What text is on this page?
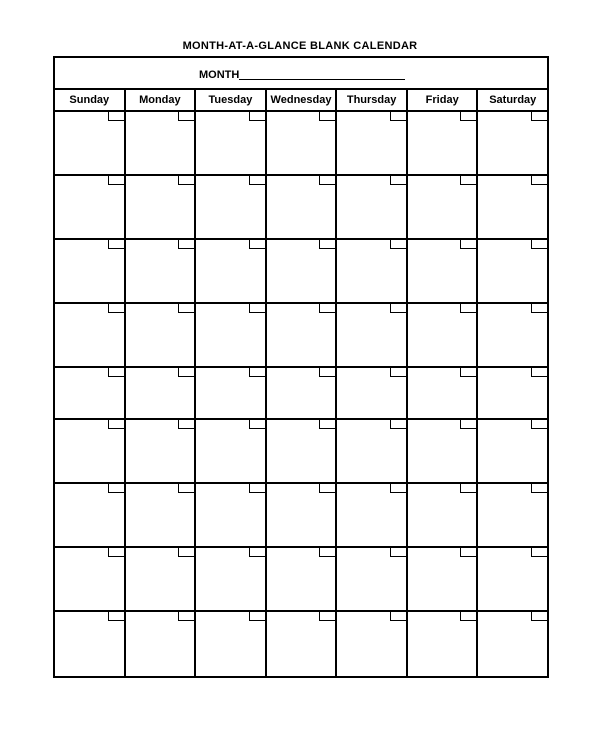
MONTH-AT-A-GLANCE BLANK CALENDAR
MONTH
Sunday	Monday	Tuesday	Wednesday	Thursday	Friday	Saturday
